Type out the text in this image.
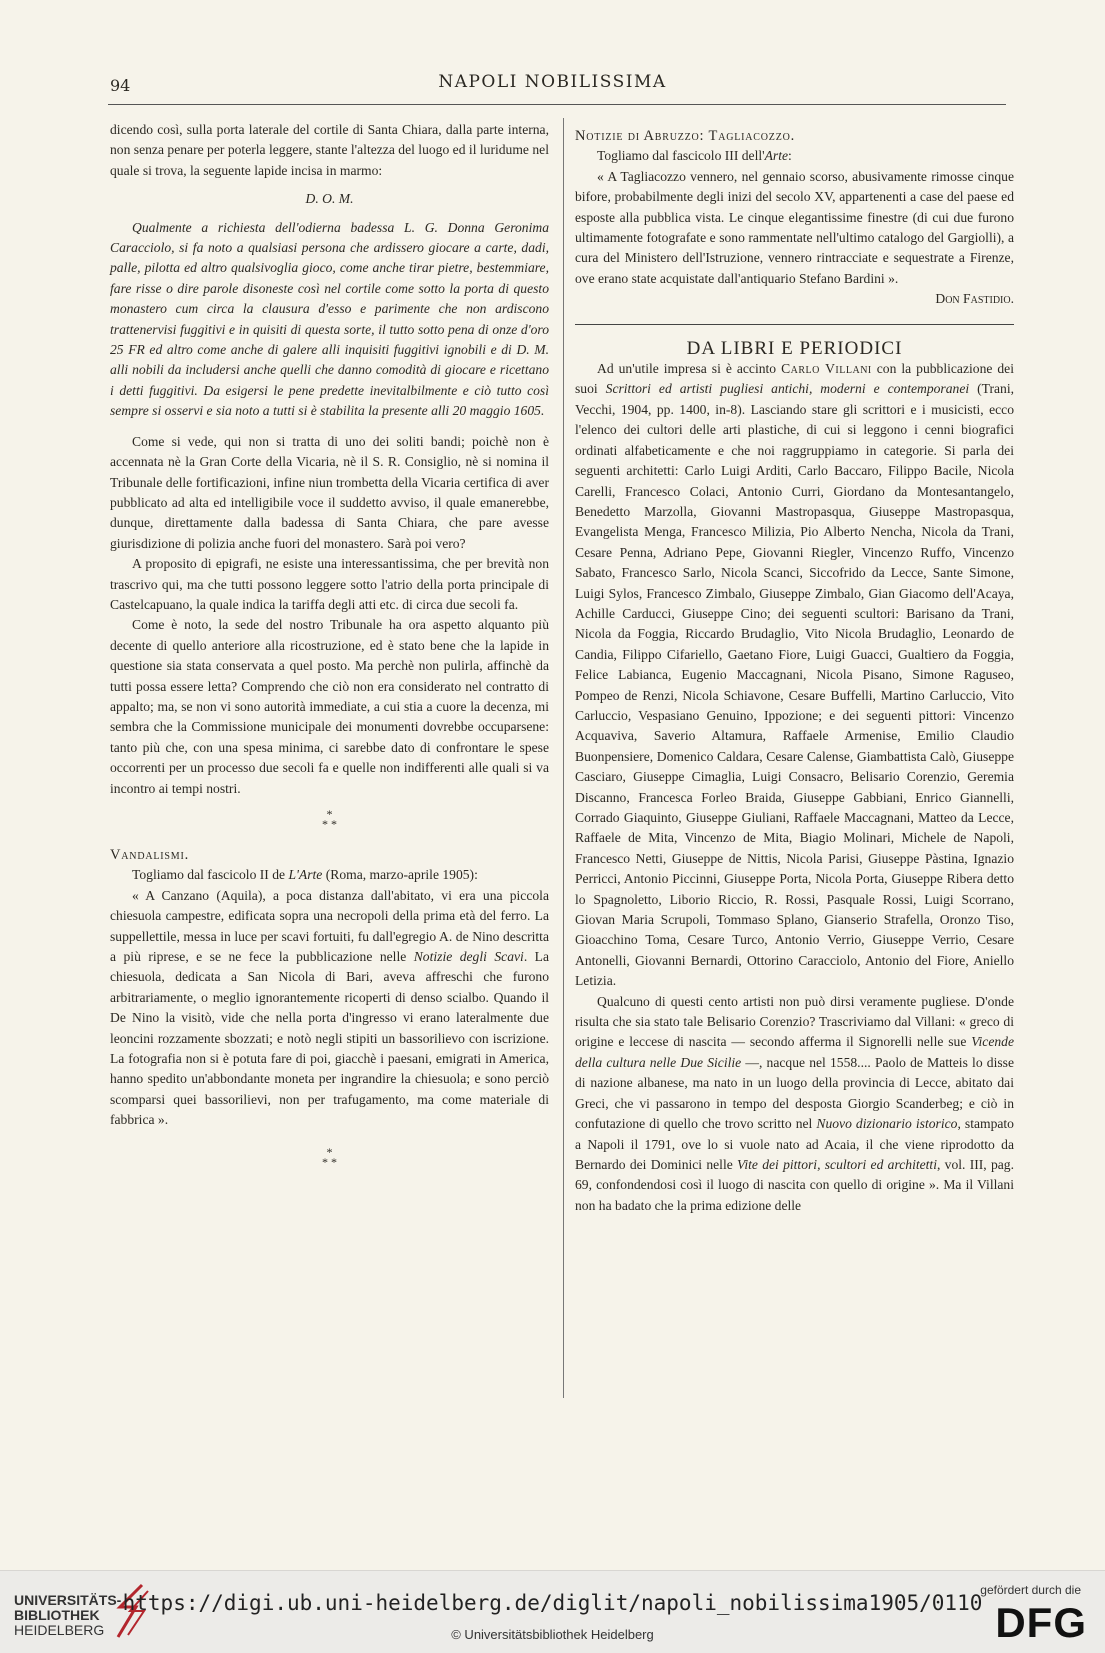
94	NAPOLI NOBILISSIMA

dicendo così, sulla porta laterale del cortile di Santa Chiara, dalla parte interna, non senza penare per poterla leggere, stante l'altezza del luogo ed il luridume nel quale si trova, la seguente lapide incisa in marmo:

D. O. M.

Qualmente a richiesta dell'odierna badessa L. G. Donna Geronima Caracciolo, si fa noto a qualsiasi persona che ardissero giocare a carte, dadi, palle, pilotta ed altro qualsivoglia gioco, come anche tirar pietre, bestemmiare, fare risse o dire parole disoneste così nel cortile come sotto la porta di questo monastero cum circa la clausura d'esso e parimente che non ardiscono trattenervisi fuggitivi e in quisiti di questa sorte, il tutto sotto pena di onze d'oro 25 FR ed altro come anche di galere alli inquisiti fuggitivi ignobili e di D. M. alli nobili da includersi anche quelli che danno comodità di giocare e ricettano i detti fuggitivi. Da esigersi le pene predette inevitalbilmente e ciò tutto così sempre si osservi e sia noto a tutti si è stabilita la presente alli 20 maggio 1605.

Come si vede, qui non si tratta di uno dei soliti bandi; poichè non è accennata nè la Gran Corte della Vicaria, nè il S. R. Consiglio, nè si nomina il Tribunale delle fortificazioni, infine niun trombetta della Vicaria certifica di aver pubblicato ad alta ed intelligibile voce il suddetto avviso, il quale emanerebbe, dunque, direttamente dalla badessa di Santa Chiara, che pare avesse giurisdizione di polizia anche fuori del monastero. Sarà poi vero?

A proposito di epigrafi, ne esiste una interessantissima, che per brevità non trascrivo qui, ma che tutti possono leggere sotto l'atrio della porta principale di Castelcapuano, la quale indica la tariffa degli atti etc. di circa due secoli fa.

Come è noto, la sede del nostro Tribunale ha ora aspetto alquanto più decente di quello anteriore alla ricostruzione, ed è stato bene che la lapide in questione sia stata conservata a quel posto. Ma perchè non pulirla, affinchè da tutti possa essere letta? Comprendo che ciò non era considerato nel contratto di appalto; ma, se non vi sono autorità immediate, a cui stia a cuore la decenza, mi sembra che la Commissione municipale dei monumenti dovrebbe occuparsene: tanto più che, con una spesa minima, ci sarebbe dato di confrontare le spese occorrenti per un processo due secoli fa e quelle non indifferenti alle quali si va incontro ai tempi nostri.

*
* *

Vandalismi.

Togliamo dal fascicolo II de L'Arte (Roma, marzo-aprile 1905):

« A Canzano (Aquila), a poca distanza dall'abitato, vi era una piccola chiesuola campestre, edificata sopra una necropoli della prima età del ferro. La suppellettile, messa in luce per scavi fortuiti, fu dall'egregio A. de Nino descritta a più riprese, e se ne fece la pubblicazione nelle Notizie degli Scavi. La chiesuola, dedicata a San Nicola di Bari, aveva affreschi che furono arbitrariamente, o meglio ignorantemente ricoperti di denso scialbo. Quando il De Nino la visitò, vide che nella porta d'ingresso vi erano lateralmente due leoncini rozzamente sbozzati; e notò negli stipiti un bassorilievo con iscrizione. La fotografia non si è potuta fare di poi, giacchè i paesani, emigrati in America, hanno spedito un'abbondante moneta per ingrandire la chiesuola; e sono perciò scomparsi quei bassorilievi, non per trafugamento, ma come materiale di fabbrica ».

*
* *

Notizie di Abruzzo: Tagliacozzo.

Togliamo dal fascicolo III dell'Arte:

« A Tagliacozzo vennero, nel gennaio scorso, abusivamente rimosse cinque bifore, probabilmente degli inizi del secolo XV, appartenenti a case del paese ed esposte alla pubblica vista. Le cinque elegantissime finestre (di cui due furono ultimamente fotografate e sono rammentate nell'ultimo catalogo del Gargiolli), a cura del Ministero dell'Istruzione, vennero rintracciate e sequestrate a Firenze, ove erano state acquistate dall'antiquario Stefano Bardini ».

Don Fastidio.

DA LIBRI E PERIODICI

Ad un'utile impresa si è accinto Carlo Villani con la pubblicazione dei suoi Scrittori ed artisti pugliesi antichi, moderni e contemporanei (Trani, Vecchi, 1904, pp. 1400, in-8). Lasciando stare gli scrittori e i musicisti, ecco l'elenco dei cultori delle arti plastiche, di cui si leggono i cenni biografici ordinati alfabeticamente e che noi raggruppiamo in categorie. Si parla dei seguenti architetti: Carlo Luigi Arditi, Carlo Baccaro, Filippo Bacile, Nicola Carelli, Francesco Colaci, Antonio Curri, Giordano da Montesantangelo, Benedetto Marzolla, Giovanni Mastropasqua, Giuseppe Mastropasqua, Evangelista Menga, Francesco Milizia, Pio Alberto Nencha, Nicola da Trani, Cesare Penna, Adriano Pepe, Giovanni Riegler, Vincenzo Ruffo, Vincenzo Sabato, Francesco Sarlo, Nicola Scanci, Siccofrido da Lecce, Sante Simone, Luigi Sylos, Francesco Zimbalo, Giuseppe Zimbalo, Gian Giacomo dell'Acaya, Achille Carducci, Giuseppe Cino; dei seguenti scultori: Barisano da Trani, Nicola da Foggia, Riccardo Brudaglio, Vito Nicola Brudaglio, Leonardo de Candia, Filippo Cifariello, Gaetano Fiore, Luigi Guacci, Gualtiero da Foggia, Felice Labianca, Eugenio Maccagnani, Nicola Pisano, Simone Raguseo, Pompeo de Renzi, Nicola Schiavone, Cesare Buffelli, Martino Carluccio, Vito Carluccio, Vespasiano Genuino, Ippozione; e dei seguenti pittori: Vincenzo Acquaviva, Saverio Altamura, Raffaele Armenise, Emilio Claudio Buonpensiere, Domenico Caldara, Cesare Calense, Giambattista Calò, Giuseppe Casciaro, Giuseppe Cimaglia, Luigi Consacro, Belisario Corenzio, Geremia Discanno, Francesca Forleo Braida, Giuseppe Gabbiani, Enrico Giannelli, Corrado Giaquinto, Giuseppe Giuliani, Raffaele Maccagnani, Matteo da Lecce, Raffaele de Mita, Vincenzo de Mita, Biagio Molinari, Michele de Napoli, Francesco Netti, Giuseppe de Nittis, Nicola Parisi, Giuseppe Pàstina, Ignazio Perricci, Antonio Piccinni, Giuseppe Porta, Nicola Porta, Giuseppe Ribera detto lo Spagnoletto, Liborio Riccio, R. Rossi, Pasquale Rossi, Luigi Scorrano, Giovan Maria Scrupoli, Tommaso Splano, Gianserio Strafella, Oronzo Tiso, Gioacchino Toma, Cesare Turco, Antonio Verrio, Giuseppe Verrio, Cesare Antonelli, Giovanni Bernardi, Ottorino Caracciolo, Antonio del Fiore, Aniello Letizia.

Qualcuno di questi cento artisti non può dirsi veramente pugliese. D'onde risulta che sia stato tale Belisario Corenzio? Trascriviamo dal Villani: « greco di origine e leccese di nascita — secondo afferma il Signorelli nelle sue Vicende della cultura nelle Due Sicilie —, nacque nel 1558.... Paolo de Matteis lo disse di nazione albanese, ma nato in un luogo della provincia di Lecce, abitato dai Greci, che vi passarono in tempo del desposta Giorgio Scanderbeg; e ciò in confutazione di quello che trovo scritto nel Nuovo dizionario istorico, stampato a Napoli il 1791, ove lo si vuole nato ad Acaia, il che viene riprodotto da Bernardo dei Dominici nelle Vite dei pittori, scultori ed architetti, vol. III, pag. 69, confondendosi così il luogo di nascita con quello di origine ». Ma il Villani non ha badato che la prima edizione delle

UNIVERSITÄTS-
BIBLIOTHEK
HEIDELBERG
https://digi.ub.uni-heidelberg.de/diglit/napoli_nobilissima1905/0110
© Universitätsbibliothek Heidelberg
gefördert durch die
DFG
